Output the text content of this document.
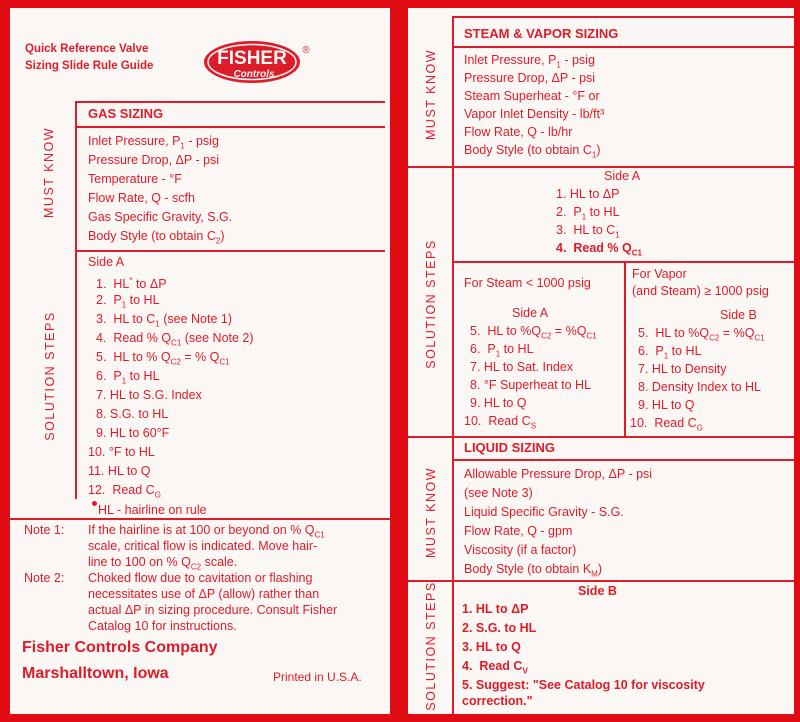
Quick Reference Valve
Sizing Slide Rule Guide	FISHER
Controls
®
GAS SIZING
MUST KNOW	Inlet Pressure, $P_1$ - psig
Pressure Drop, ΔP - psi
Temperature - °F
Flow Rate, Q - scfh
Gas Specific Gravity, S.G.
Body Style (to obtain $C_2$)
SOLUTION STEPS
Side A
1.  HL* to ΔP
2.  $P_1$ to HL
3.  HL to $C_1$ (see Note 1)
4.  Read % $Q_{C1}$ (see Note 2)
5.  HL to % $Q_{C2}$ = % $Q_{C1}$
6.  $P_1$ to HL
7. HL to S.G. Index
8. S.G. to HL
9. HL to 60°F
10. °F to HL
11. HL to Q
12.  Read $C_G$
HL - hairline on rule
Note 1: If the hairline is at 100 or beyond on % $Q_{C1}$
scale, critical flow is indicated. Move hair-
line to 100 on % $Q_{C2}$ scale.
Note 2: Choked flow due to cavitation or flashing
necessitates use of ΔP (allow) rather than
actual ΔP in sizing procedure. Consult Fisher
Catalog 10 for instructions.
Fisher Controls Company
Marshalltown, Iowa	Printed in U.S.A.
STEAM & VAPOR SIZING
MUST KNOW Inlet Pressure, $P_1$ - psig
Pressure Drop, ΔP - psi
Steam Superheat - °F or
Vapor Inlet Density - lb/ft³
Flow Rate, Q - lb/hr
Body Style (to obtain $C_1$)
SOLUTION STEPS
Side A
1. HL to ΔP
2.  $P_1$ to HL
3.  HL to $C_1$
4.  Read % $Q_{C1}$
For Steam < 1000 psig
For Vapor
(and Steam) ≥ 1000 psig
Side A	Side B
5.  HL to $\%Q_{C2} = \%Q_{C1}$
6.  $P_1$ to HL
7. HL to Sat. Index
8. °F Superheat to HL
9. HL to Q
10.  Read $C_S$
5.  HL to $\%Q_{C2} = \%Q_{C1}$
6.  $P_1$ to HL
7. HL to Density
8. Density Index to HL
9. HL to Q
10.  Read $C_G$
LIQUID SIZING
MUST KNOW Allowable Pressure Drop, ΔP - psi
(see Note 3)
Liquid Specific Gravity - S.G.
Flow Rate, Q - gpm
Viscosity (if a factor)
Body Style (to obtain $K_M$)
SOLUTION STEPS	Side B
1. HL to ΔP
2. S.G. to HL
3. HL to Q
4.  Read $C_V$
5. Suggest: "See Catalog 10 for viscosity
correction."
